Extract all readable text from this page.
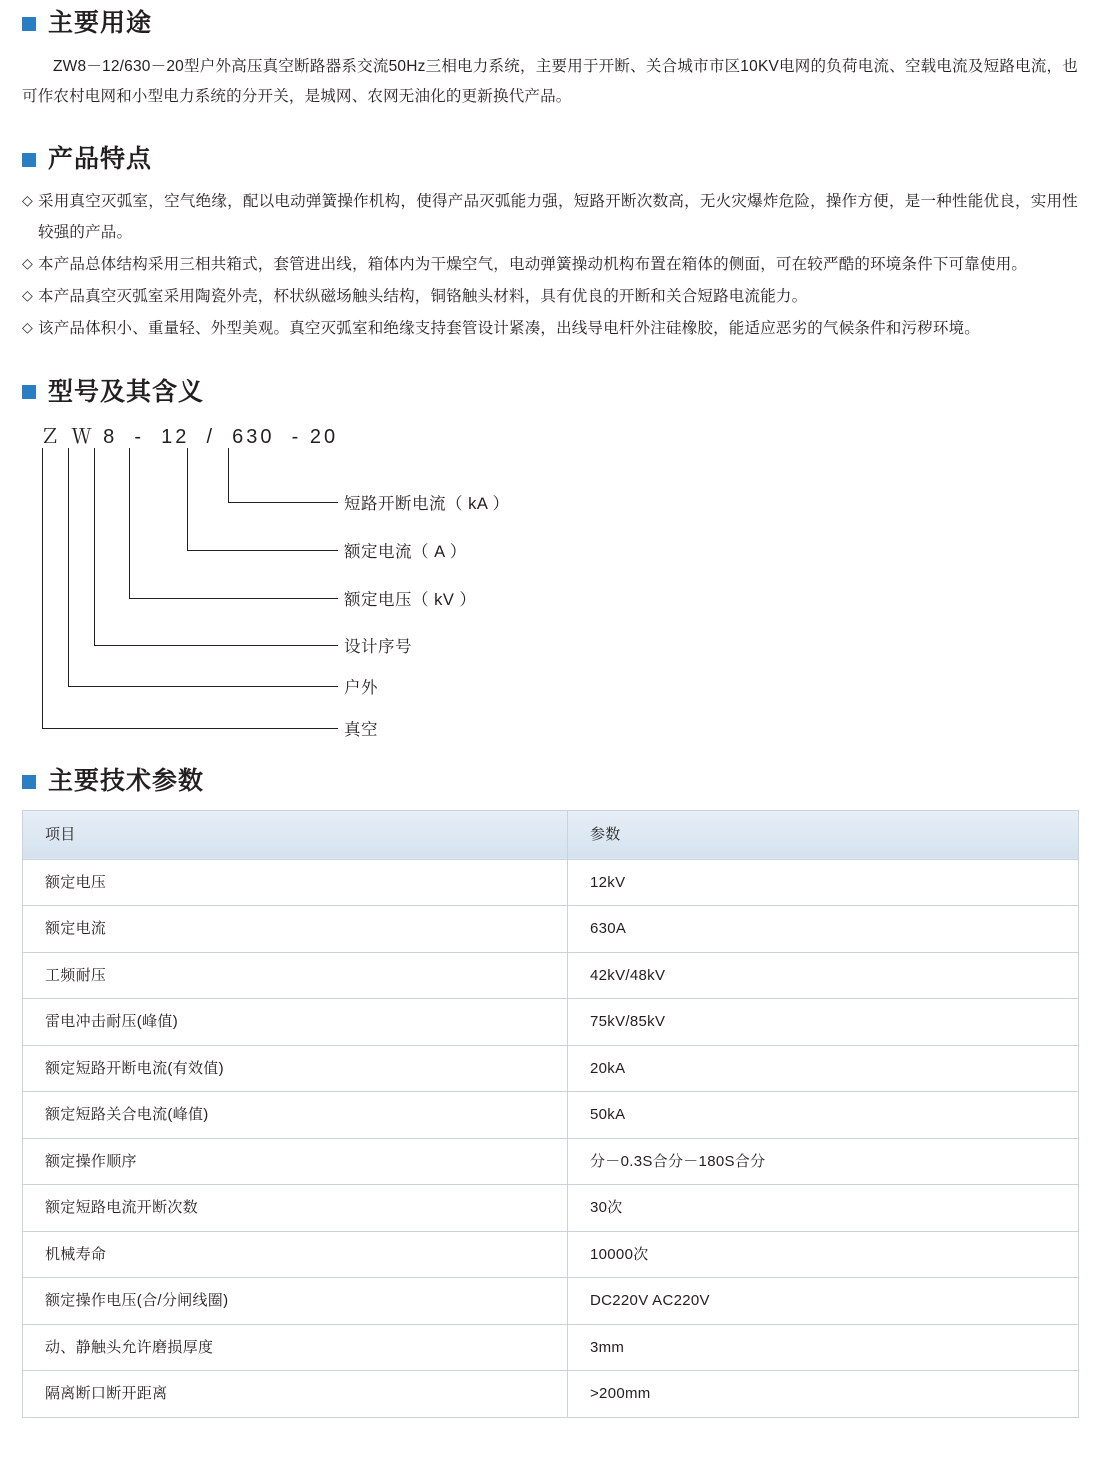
主要用途

ZW8－12/630－20型户外高压真空断路器系交流50Hz三相电力系统，主要用于开断、关合城市市区10KV电网的负荷电流、空载电流及短路电流，也可作农村电网和小型电力系统的分开关，是城网、农网无油化的更新换代产品。

产品特点
◇ 采用真空灭弧室，空气绝缘，配以电动弹簧操作机构，使得产品灭弧能力强，短路开断次数高，无火灾爆炸危险，操作方便，是一种性能优良，实用性较强的产品。
◇ 本产品总体结构采用三相共箱式，套管进出线，箱体内为干燥空气，电动弹簧操动机构布置在箱体的侧面，可在较严酷的环境条件下可靠使用。
◇ 本产品真空灭弧室采用陶瓷外壳，杯状纵磁场触头结构，铜铬触头材料，具有优良的开断和关合短路电流能力。
◇ 该产品体积小、重量轻、外型美观。真空灭弧室和绝缘支持套管设计紧凑，出线导电杆外注硅橡胶，能适应恶劣的气候条件和污秽环境。
型号及其含义
Ｚ Ｗ 8  -  12  /  630  - 20
短路开断电流（ kA ）
额定电流（ A ）
额定电压（ kV ）
设计序号
户外
真空
主要技术参数
项目	参数
额定电压	12kV
额定电流	630A
工频耐压	42kV/48kV
雷电冲击耐压(峰值)	75kV/85kV
额定短路开断电流(有效值)	20kA
额定短路关合电流(峰值)	50kA
额定操作顺序	分－0.3S合分－180S合分
额定短路电流开断次数	30次
机械寿命	10000次
额定操作电压(合/分闸线圈)	DC220V AC220V
动、静触头允许磨损厚度	3mm
隔离断口断开距离	>200mm
